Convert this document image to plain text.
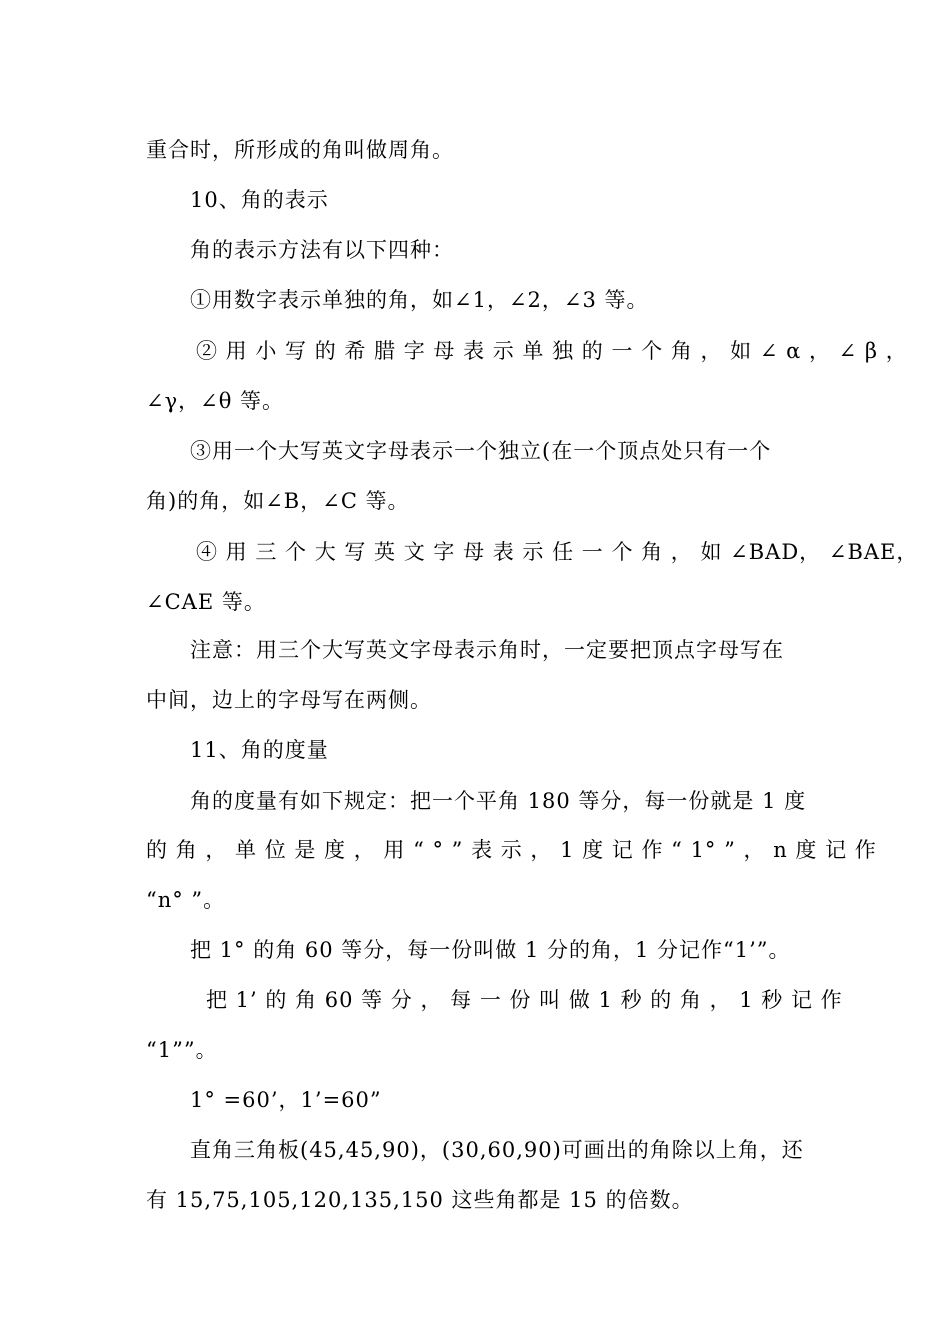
重合时，所形成的角叫做周角。
10、角的表示
角的表示方法有以下四种：
①用数字表示单独的角，如∠1，∠2，∠3 等。
② 用 小 写 的 希 腊 字 母 表 示 单 独 的 一 个 角 ， 如 ∠ α ， ∠ β ，
∠γ，∠θ 等。
③用一个大写英文字母表示一个独立(在一个顶点处只有一个
角)的角，如∠B，∠C 等。
④ 用 三 个 大 写 英 文 字 母 表 示 任 一 个 角 ， 如 ∠BAD， ∠BAE，
∠CAE 等。
注意：用三个大写英文字母表示角时，一定要把顶点字母写在
中间，边上的字母写在两侧。
11、角的度量
角的度量有如下规定：把一个平角 180 等分，每一份就是 1 度
的 角 ， 单 位 是 度 ， 用 “ ° ” 表 示 ， 1 度 记 作 “ 1° ” ， n 度 记 作
“n° ”。
把 1° 的角 60 等分，每一份叫做 1 分的角，1 分记作“1’”。
把 1’ 的 角 60 等 分 ， 每 一 份 叫 做 1 秒 的 角 ， 1 秒 记 作
“1””。
1° =60’，1’=60”
直角三角板(45,45,90)，(30,60,90)可画出的角除以上角，还
有 15,75,105,120,135,150 这些角都是 15 的倍数。
